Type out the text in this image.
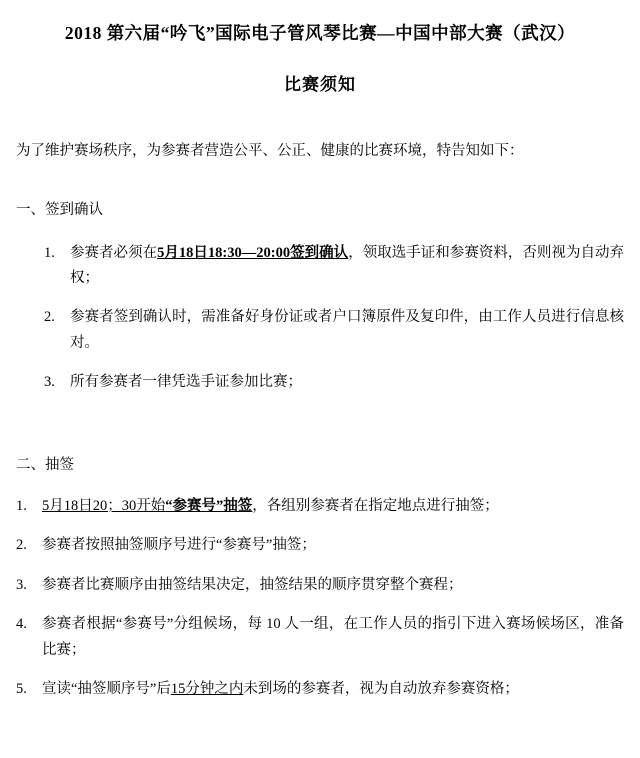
2018 第六届“吟飞”国际电子管风琴比赛—中国中部大赛（武汉）
比赛须知
为了维护赛场秩序，为参赛者营造公平、公正、健康的比赛环境，特告知如下：
一、签到确认
1.	参赛者必须在5月18日18:30—20:00签到确认，领取选手证和参赛资料，否则视为自动弃权；
2.	参赛者签到确认时，需准备好身份证或者户口簿原件及复印件，由工作人员进行信息核对。
3.	所有参赛者一律凭选手证参加比赛；
二、抽签
1.	5月18日20；30开始“参赛号”抽签，各组别参赛者在指定地点进行抽签；
2.	参赛者按照抽签顺序号进行“参赛号”抽签；
3.	参赛者比赛顺序由抽签结果决定，抽签结果的顺序贯穿整个赛程；
4.	参赛者根据“参赛号”分组候场，每 10 人一组，在工作人员的指引下进入赛场候场区，准备比赛；
5.	宣读“抽签顺序号”后15分钟之内未到场的参赛者，视为自动放弃参赛资格；
